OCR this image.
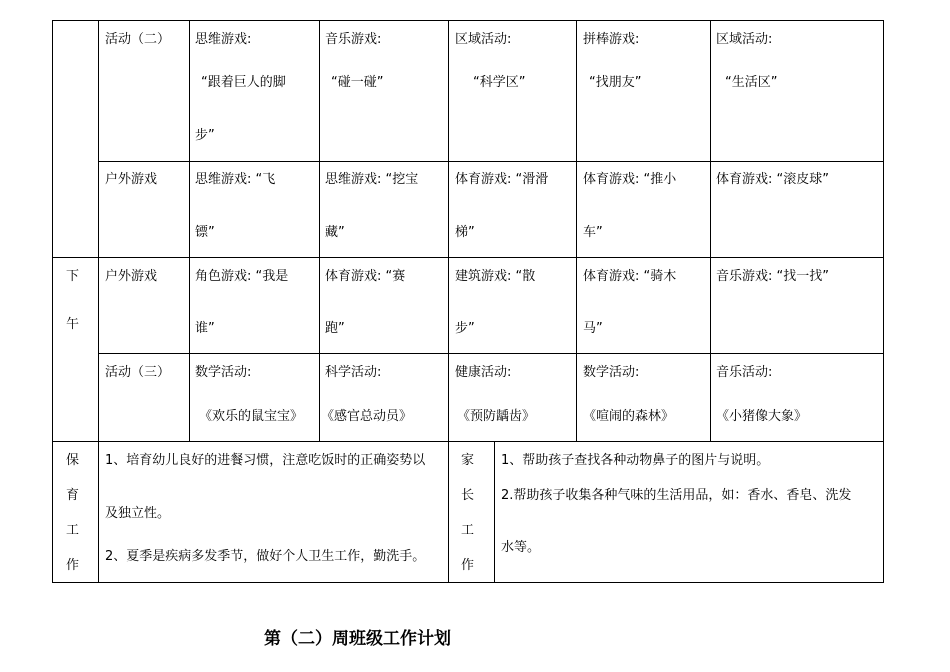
下
午
活动（二） 思维游戏:
“跟着巨人的脚
步”
音乐游戏:
“碰一碰”
区域活动:
“科学区”
拼棒游戏:
“找朋友”
区域活动:
“生活区”
户外游戏	思维游戏: “飞
镖”
思维游戏: “挖宝
藏”
体育游戏: “滑滑
梯”
体育游戏: “推小
车”
体育游戏: “滚皮球”
户外游戏	角色游戏: “我是
谁”
体育游戏: “赛
跑”
建筑游戏: “散
步”
体育游戏: “骑木
马”
音乐游戏: “找一找”
活动（三） 数学活动:
《欢乐的鼠宝宝》
科学活动:
《感官总动员》
健康活动:
《预防龋齿》
数学活动:
《喧闹的森林》
音乐活动:
《小猪像大象》
保
育
工
作
1、培育幼儿良好的进餐习惯，注意吃饭时的正确姿势以
及独立性。
2、夏季是疾病多发季节，做好个人卫生工作，勤洗手。
家
长
工
作
1、帮助孩子查找各种动物鼻子的图片与说明。
2.帮助孩子收集各种气味的生活用品，如：香水、香皂、洗发
水等。
第（二）周班级工作计划
